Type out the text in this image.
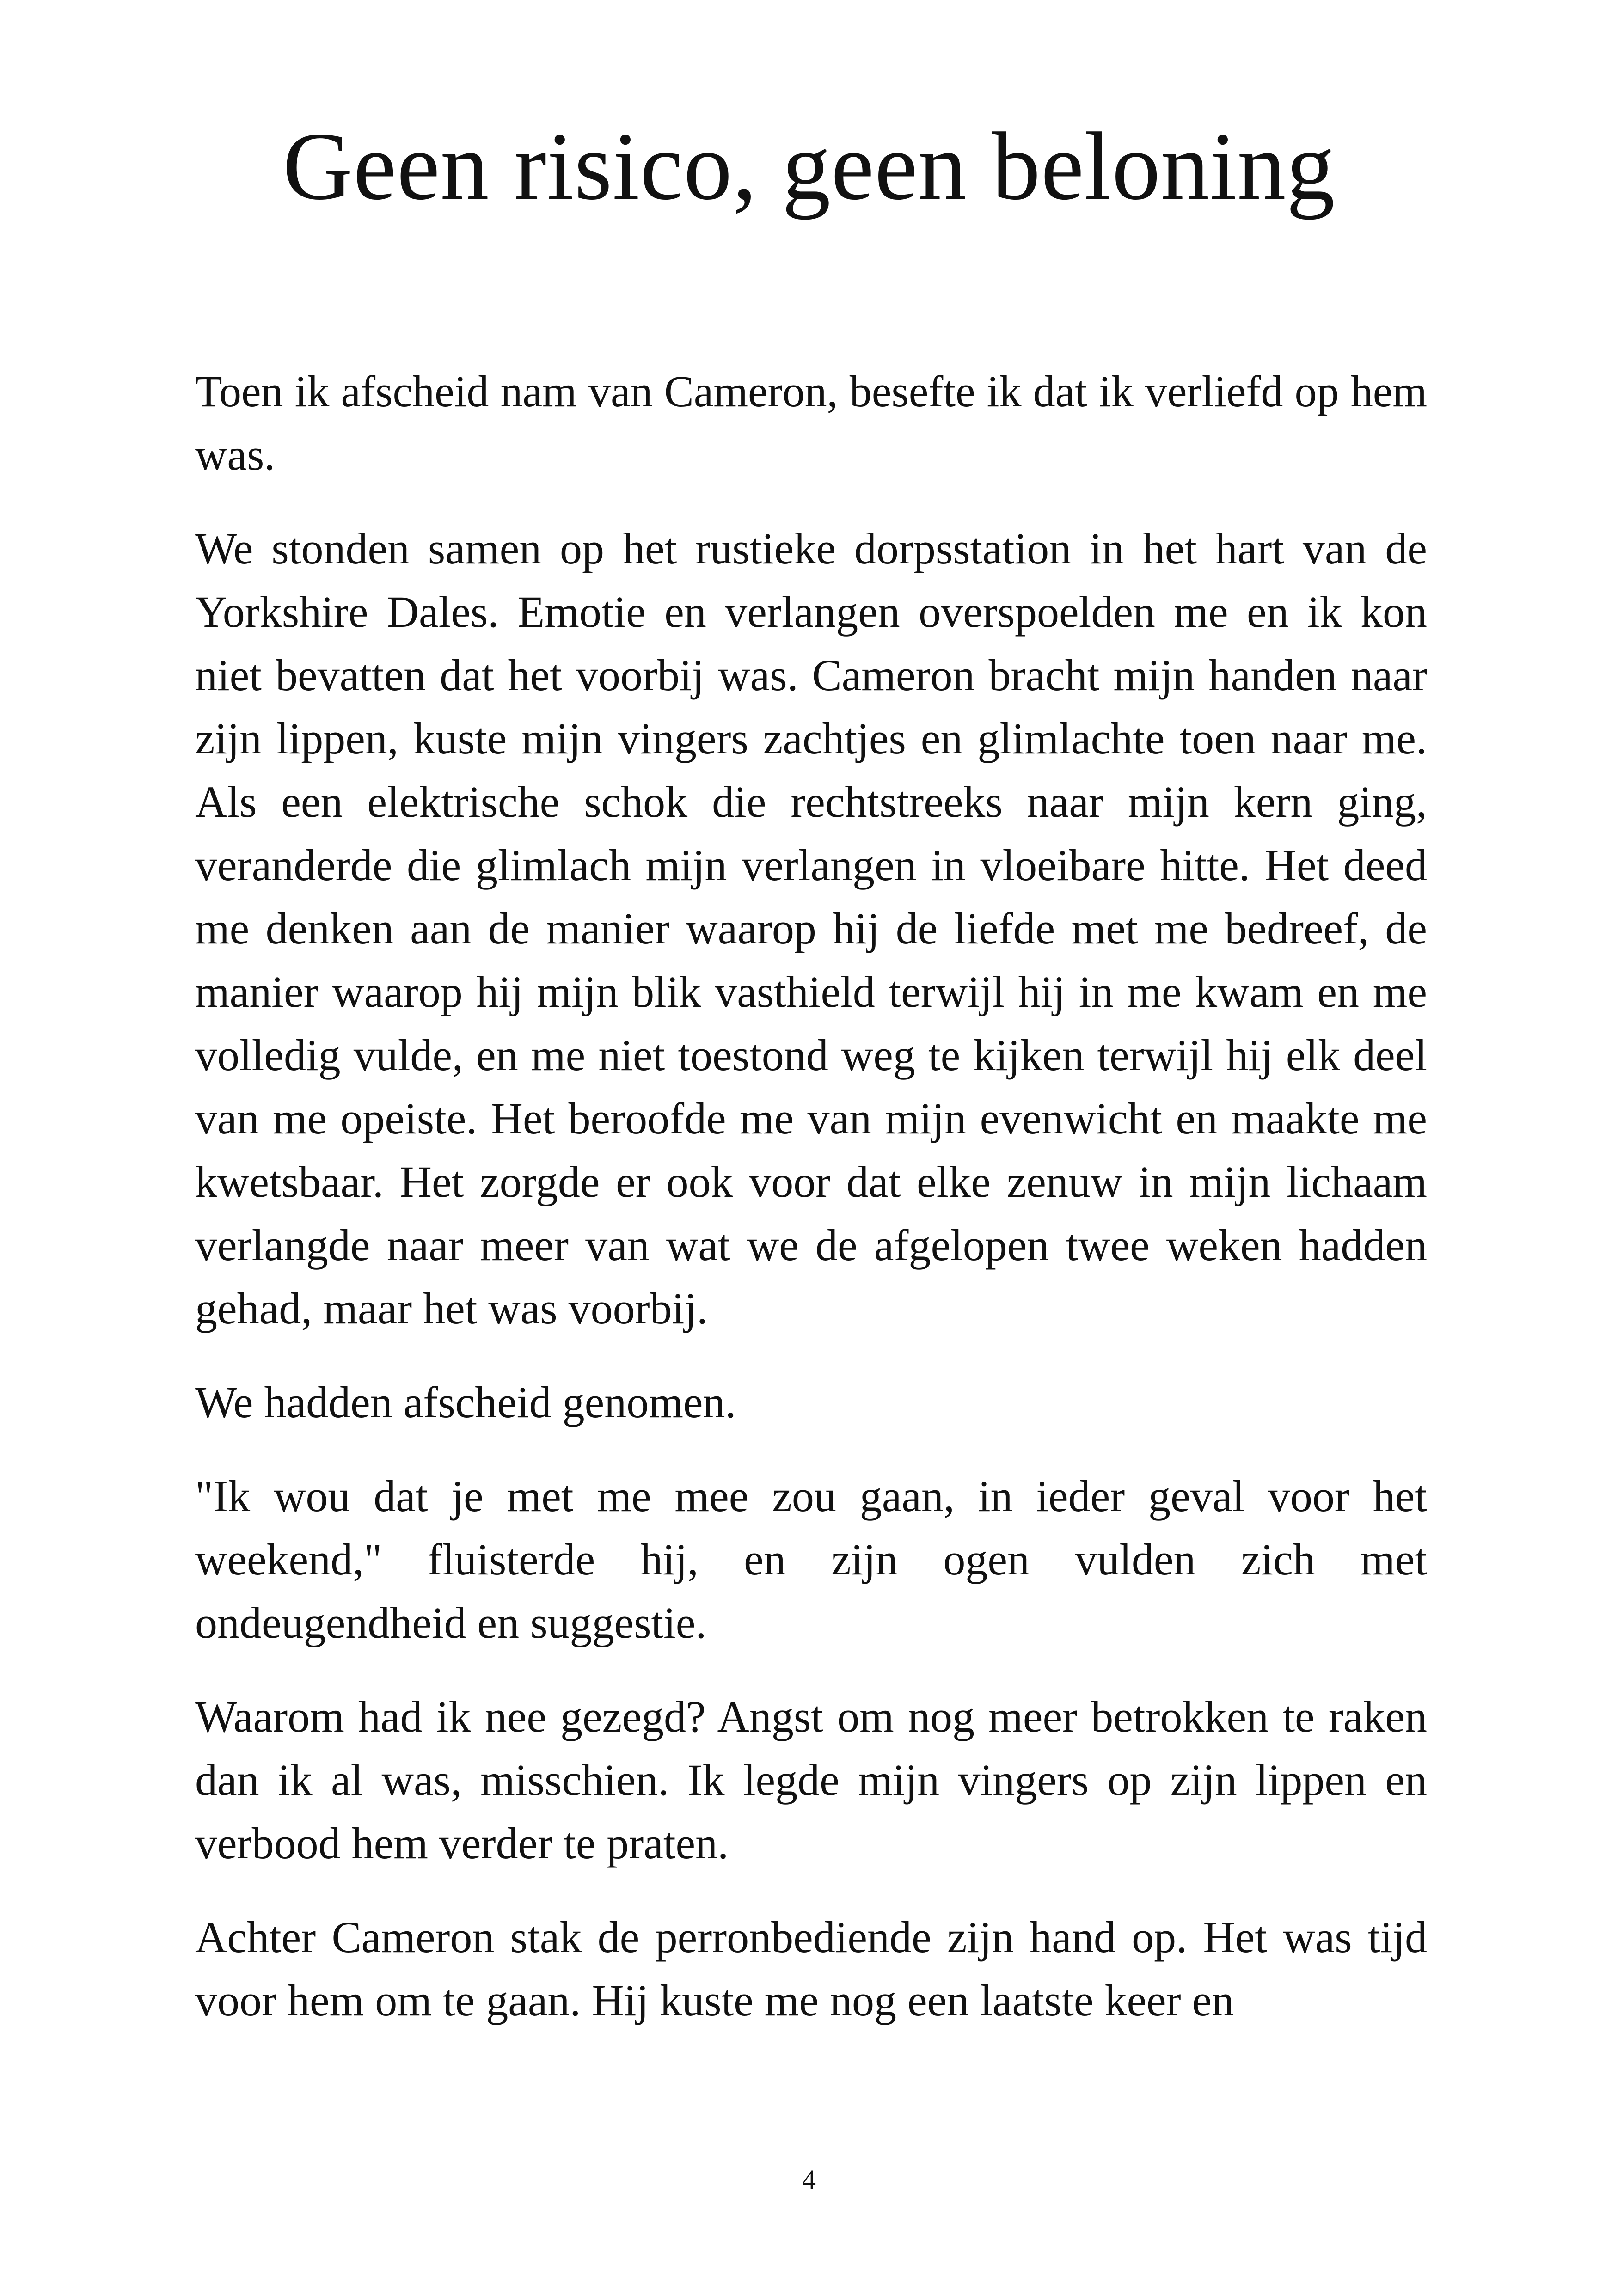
Geen risico, geen beloning

Toen ik afscheid nam van Cameron, besefte ik dat ik verliefd op hem was.

We stonden samen op het rustieke dorpsstation in het hart van de Yorkshire Dales. Emotie en verlangen overspoelden me en ik kon niet bevatten dat het voorbij was. Cameron bracht mijn handen naar zijn lippen, kuste mijn vingers zachtjes en glimlachte toen naar me. Als een elektrische schok die rechtstreeks naar mijn kern ging, veranderde die glimlach mijn verlangen in vloeibare hitte. Het deed me denken aan de manier waarop hij de liefde met me bedreef, de manier waarop hij mijn blik vasthield terwijl hij in me kwam en me volledig vulde, en me niet toestond weg te kijken terwijl hij elk deel van me opeiste. Het beroofde me van mijn evenwicht en maakte me kwetsbaar. Het zorgde er ook voor dat elke zenuw in mijn lichaam verlangde naar meer van wat we de afgelopen twee weken hadden gehad, maar het was voorbij.

We hadden afscheid genomen.

"Ik wou dat je met me mee zou gaan, in ieder geval voor het weekend," fluisterde hij, en zijn ogen vulden zich met ondeugendheid en suggestie.

Waarom had ik nee gezegd? Angst om nog meer betrokken te raken dan ik al was, misschien. Ik legde mijn vingers op zijn lippen en verbood hem verder te praten.

Achter Cameron stak de perronbediende zijn hand op. Het was tijd voor hem om te gaan. Hij kuste me nog een laatste keer en

4
